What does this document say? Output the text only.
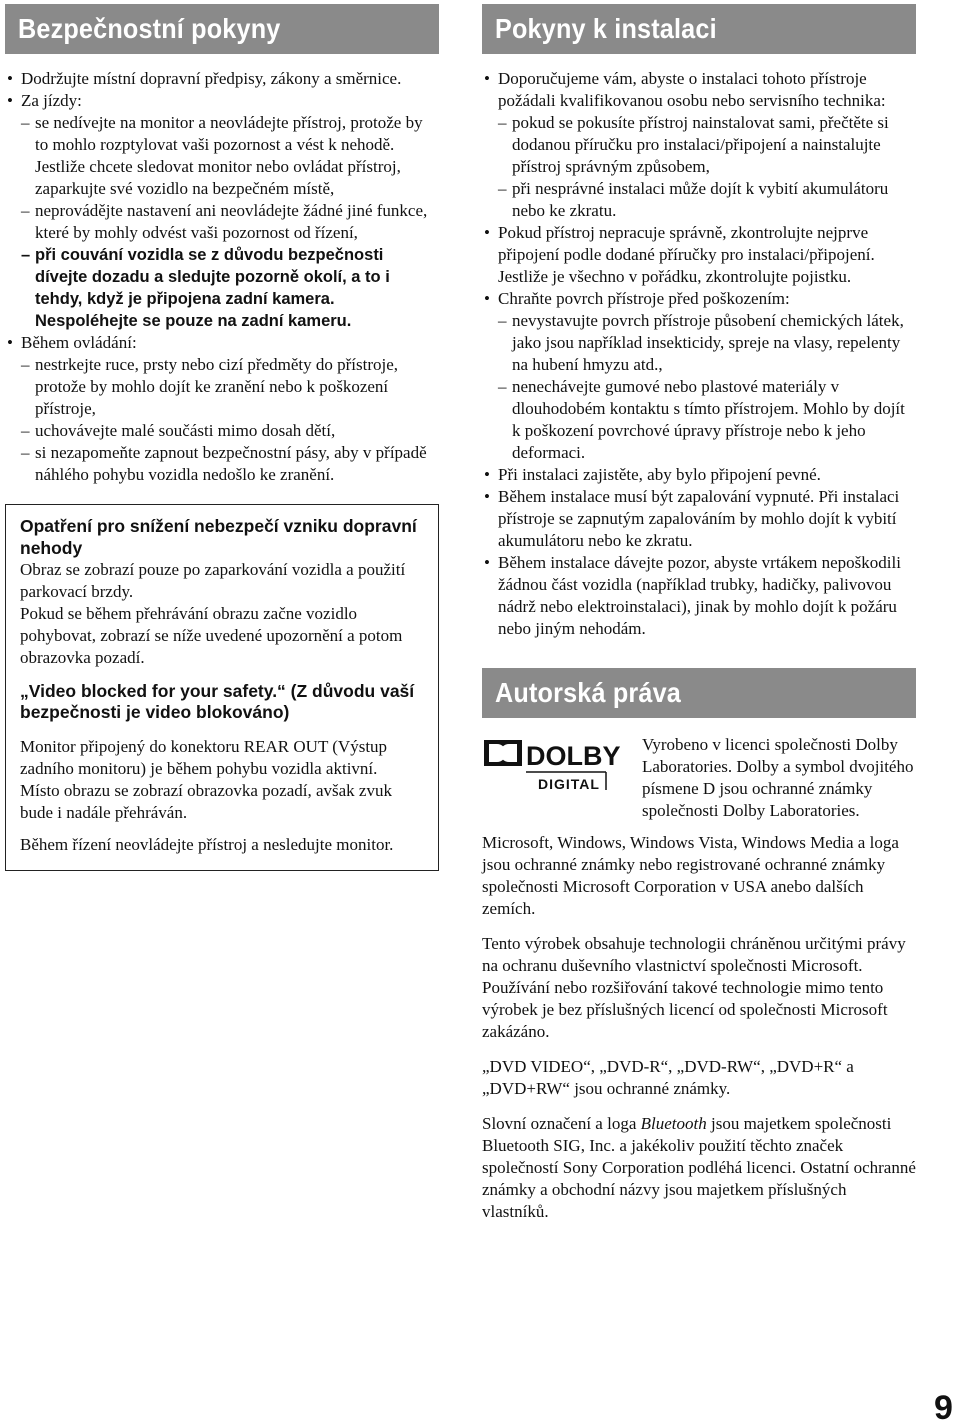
Bezpečnostní pokyny
• Dodržujte místní dopravní předpisy, zákony a směrnice.
• Za jízdy:
– se nedívejte na monitor a neovládejte přístroj, protože by to mohlo rozptylovat vaši pozornost a vést k nehodě. Jestliže chcete sledovat monitor nebo ovládat přístroj, zaparkujte své vozidlo na bezpečném místě,
– neprovádějte nastavení ani neovládejte žádné jiné funkce, které by mohly odvést vaši pozornost od řízení,
– při couvání vozidla se z důvodu bezpečnosti dívejte dozadu a sledujte pozorně okolí, a to i tehdy, když je připojena zadní kamera. Nespoléhejte se pouze na zadní kameru.
• Během ovládání:
– nestrkejte ruce, prsty nebo cizí předměty do přístroje, protože by mohlo dojít ke zranění nebo k poškození přístroje,
– uchovávejte malé součásti mimo dosah dětí,
– si nezapomeňte zapnout bezpečnostní pásy, aby v případě náhlého pohybu vozidla nedošlo ke zranění.
Opatření pro snížení nebezpečí vzniku dopravní nehody

Obraz se zobrazí pouze po zaparkování vozidla a použití parkovací brzdy.

Pokud se během přehrávání obrazu začne vozidlo pohybovat, zobrazí se níže uvedené upozornění a potom obrazovka pozadí.

„Video blocked for your safety.“ (Z důvodu vaší bezpečnosti je video blokováno)

Monitor připojený do konektoru REAR OUT (Výstup zadního monitoru) je během pohybu vozidla aktivní.

Místo obrazu se zobrazí obrazovka pozadí, avšak zvuk bude i nadále přehráván.

Během řízení neovládejte přístroj a nesledujte monitor.

Pokyny k instalaci
• Doporučujeme vám, abyste o instalaci tohoto přístroje požádali kvalifikovanou osobu nebo servisního technika:
– pokud se pokusíte přístroj nainstalovat sami, přečtěte si dodanou příručku pro instalaci/připojení a nainstalujte přístroj správným způsobem,
– při nesprávné instalaci může dojít k vybití akumulátoru nebo ke zkratu.
• Pokud přístroj nepracuje správně, zkontrolujte nejprve připojení podle dodané příručky pro instalaci/připojení. Jestliže je všechno v pořádku, zkontrolujte pojistku.
• Chraňte povrch přístroje před poškozením:
– nevystavujte povrch přístroje působení chemických látek, jako jsou například insekticidy, spreje na vlasy, repelenty na hubení hmyzu atd.,
– nenechávejte gumové nebo plastové materiály v dlouhodobém kontaktu s tímto přístrojem. Mohlo by dojít k poškození povrchové úpravy přístroje nebo k jeho deformaci.
• Při instalaci zajistěte, aby bylo připojení pevné.
• Během instalace musí být zapalování vypnuté. Při instalaci přístroje se zapnutým zapalováním by mohlo dojít k vybití akumulátoru nebo ke zkratu.
• Během instalace dávejte pozor, abyste vrtákem nepoškodili žádnou část vozidla (například trubky, hadičky, palivovou nádrž nebo elektroinstalaci), jinak by mohlo dojít k požáru nebo jiným nehodám.
Autorská práva
DOLBY
DIGITAL
Vyrobeno v licenci společnosti Dolby Laboratories. Dolby a symbol dvojitého písmene D jsou ochranné známky společnosti Dolby Laboratories.

Microsoft, Windows, Windows Vista, Windows Media a loga jsou ochranné známky nebo registrované ochranné známky společnosti Microsoft Corporation v USA anebo dalších zemích.

Tento výrobek obsahuje technologii chráněnou určitými právy na ochranu duševního vlastnictví společnosti Microsoft. Používání nebo rozšiřování takové technologie mimo tento výrobek je bez příslušných licencí od společnosti Microsoft zakázáno.

„DVD VIDEO“, „DVD-R“, „DVD-RW“, „DVD+R“ a „DVD+RW“ jsou ochranné známky.

Slovní označení a loga Bluetooth jsou majetkem společnosti Bluetooth SIG, Inc. a jakékoliv použití těchto značek společností Sony Corporation podléhá licenci. Ostatní ochranné známky a obchodní názvy jsou majetkem příslušných vlastníků.

9
